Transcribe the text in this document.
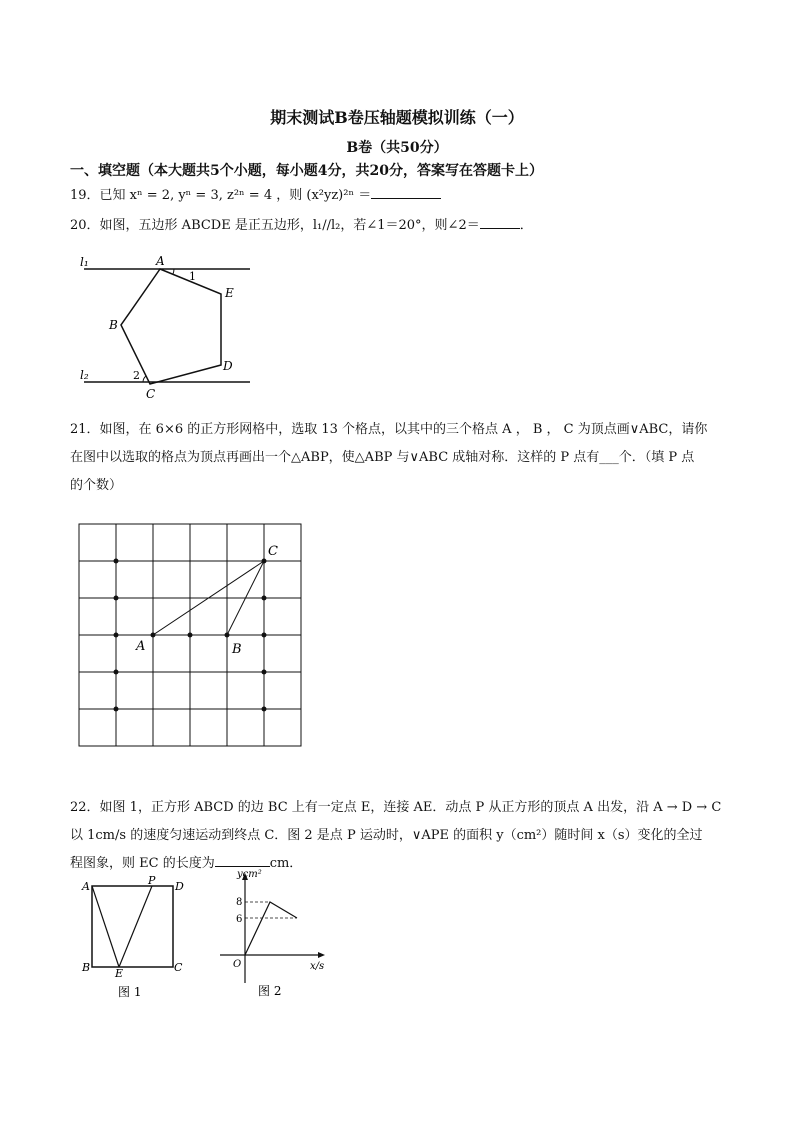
期末测试B卷压轴题模拟训练（一）
B卷（共50分）
一、填空题（本大题共5个小题，每小题4分，共20分，答案写在答题卡上）
19．已知 xⁿ = 2, yⁿ = 3, z²ⁿ = 4 ，则 (x²yz)²ⁿ ＝
20．如图，五边形 ABCDE 是正五边形，l₁//l₂，若∠1＝20°，则∠2＝	．
l₁
l₂
A
E
D
B
C
1
2
21．如图，在 6×6 的正方形网格中，选取 13 个格点，以其中的三个格点 A ， B ， C 为顶点画∨ABC，请你
在图中以选取的格点为顶点再画出一个△ABP，使△ABP 与∨ABC 成轴对称．这样的 P 点有___个．（填 P 点
的个数）
A	B
C
22．如图 1，正方形 ABCD 的边 BC 上有一定点 E，连接 AE．动点 P 从正方形的顶点 A 出发，沿 A → D → C
以 1cm/s 的速度匀速运动到终点 C．图 2 是点 P 运动时，∨APE 的面积 y（cm²）随时间 x（s）变化的全过
程图象，则 EC 的长度为	cm．
A	P D
B E	C
图 1
ycm²
x/s
O
8
6
图 2
